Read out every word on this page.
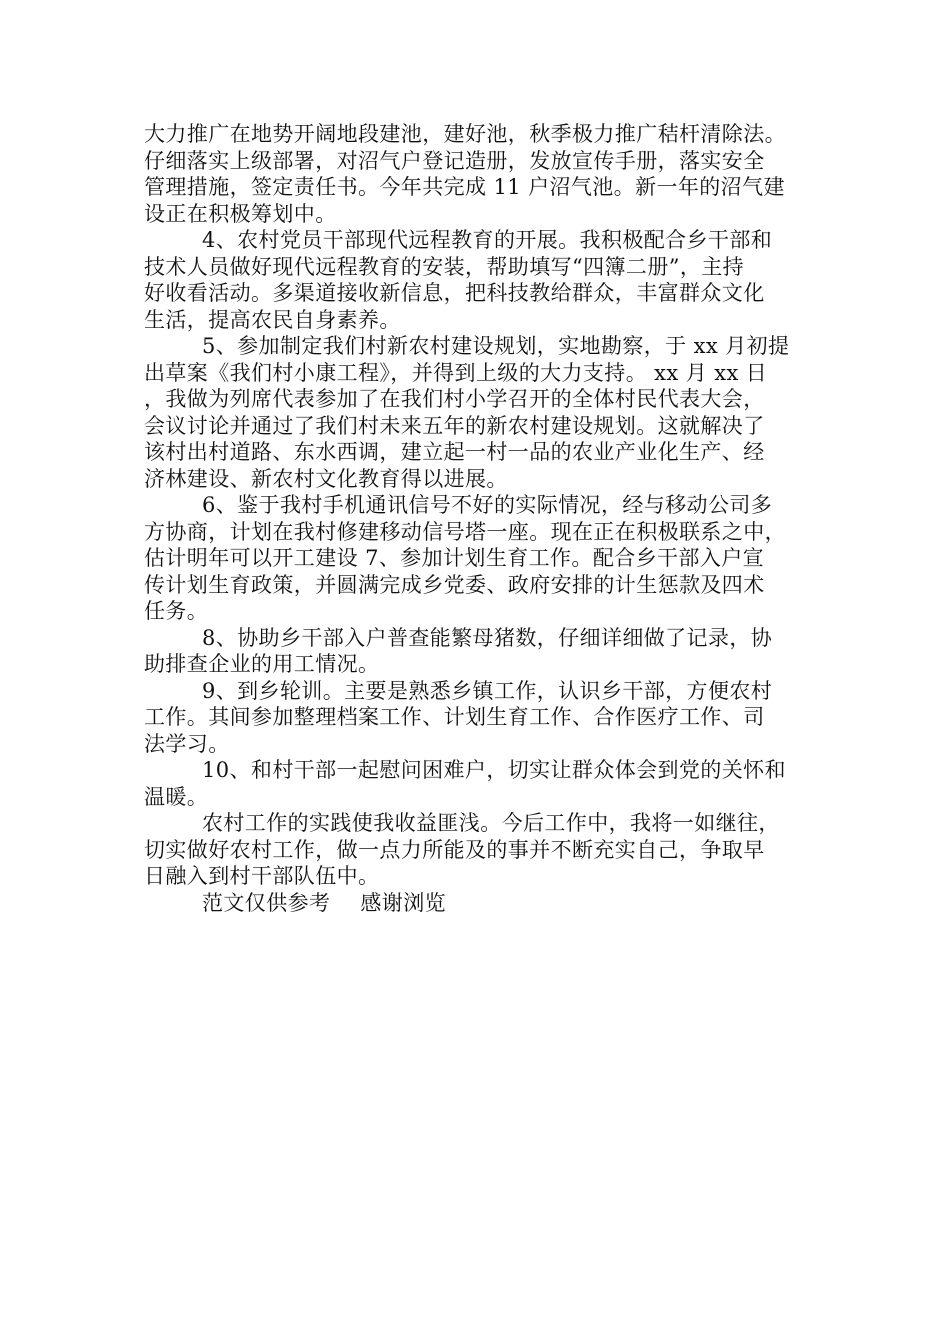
大力推广在地势开阔地段建池，建好池，秋季极力推广秸杆清除法。
仔细落实上级部署，对沼气户登记造册，发放宣传手册，落实安全
管理措施，签定责任书。今年共完成 11 户沼气池。新一年的沼气建
设正在积极筹划中。
4、农村党员干部现代远程教育的开展。我积极配合乡干部和
技术人员做好现代远程教育的安装，帮助填写“四簿二册”，主持
好收看活动。多渠道接收新信息，把科技教给群众，丰富群众文化
生活，提高农民自身素养。
5、参加制定我们村新农村建设规划，实地勘察，于 xx 月初提
出草案《我们村小康工程》，并得到上级的大力支持。 xx 月 xx 日
，我做为列席代表参加了在我们村小学召开的全体村民代表大会，
会议讨论并通过了我们村未来五年的新农村建设规划。这就解决了
该村出村道路、东水西调，建立起一村一品的农业产业化生产、经
济林建设、新农村文化教育得以进展。
6、鉴于我村手机通讯信号不好的实际情况，经与移动公司多
方协商，计划在我村修建移动信号塔一座。现在正在积极联系之中，
估计明年可以开工建设 7、参加计划生育工作。配合乡干部入户宣
传计划生育政策，并圆满完成乡党委、政府安排的计生惩款及四术
任务。
8、协助乡干部入户普查能繁母猪数，仔细详细做了记录，协
助排查企业的用工情况。
9、到乡轮训。主要是熟悉乡镇工作，认识乡干部，方便农村
工作。其间参加整理档案工作、计划生育工作、合作医疗工作、司
法学习。
10、和村干部一起慰问困难户，切实让群众体会到党的关怀和
温暖。
农村工作的实践使我收益匪浅。今后工作中，我将一如继往，
切实做好农村工作，做一点力所能及的事并不断充实自己，争取早
日融入到村干部队伍中。
范文仅供参考 感谢浏览
